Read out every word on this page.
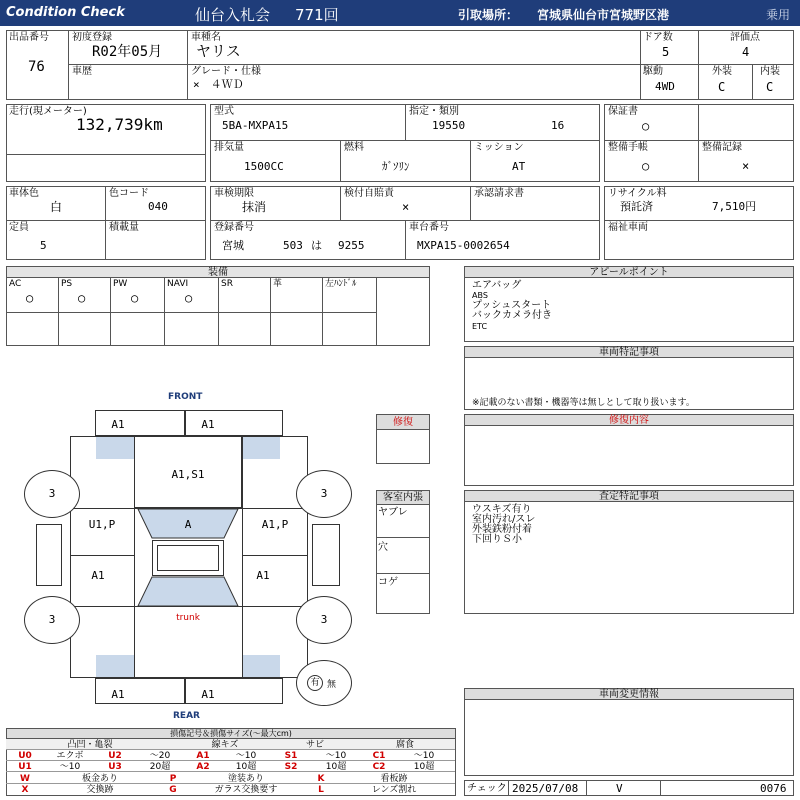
Condition Check	仙台入札会 771回	引取場所： 宮城県仙台市宮城野区港	乗用
出品番号
76
初度登録
R02年05月
車種名
ヤリス
ドア数
5
評価点
4
車歴	グレード・仕様
×　４ＷＤ
駆動
4WD
外装
C
内装
C
走行(現メーター)
132,739km
型式
5BA-MXPA15
指定・類別
19550	16
排気量
1500CC
燃料
ｶﾞｿﾘﾝ
ミッション
AT
保証書
○
整備手帳
○
整備記録
×
車体色
白
色コード
040
定員
5
積載量
車検期限
抹消
検付自賠責
×
承認請求書
登録番号
宮城	503 は 9255
車台番号
MXPA15-0002654
リサイクル料
預託済	7,510円
福祉車両
装備
AC
○
PS
○
PW
○
NAVI
○
SR	革	左ﾊﾝﾄﾞﾙ
FRONT
REAR
A1	A1
A1,S1
A
U1,P	A1,P
A1	A1
trunk
A1	A1
3	3
3	3
有 無
修復
客室内張
ヤブレ
穴
コゲ
アピールポイント
エアバッグ
ABS
プッシュスタート
バックカメラ付き
ETC
車両特記事項
※記載のない書類・機器等は無しとして取り扱います。
修復内容
査定特記事項
ウスキズ有り
室内汚れ/スレ
外装鉄粉付着
下回りＳ小
車両変更情報
チェック 2025/07/08	V	0076
損傷記号＆損傷サイズ(〜最大cm)
凸凹・亀裂	線キズ	サビ	腐食
U0	エクボ	U2	〜20	A1	〜10	S1	〜10	C1	〜10
U1	〜10	U3	20超	A2	10超	S2	10超	C2	10超
W	板金あり	P	塗装あり	K	看板跡
X	交換跡	G	ガラス交換要す	L	レンズ割れ
